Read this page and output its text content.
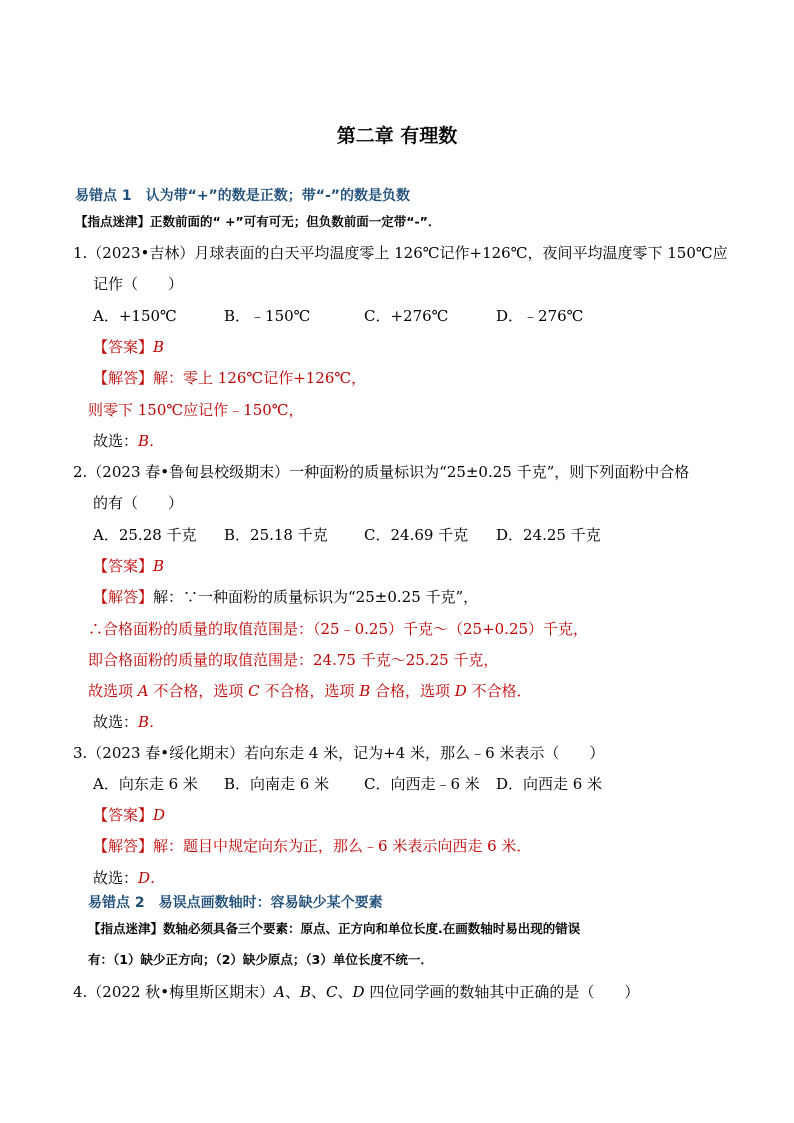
第二章 有理数
易错点 1　认为带“+”的数是正数；带“-”的数是负数
【指点迷津】正数前面的“ +”可有可无；但负数前面一定带“-”．
1.（2023•吉林）月球表面的白天平均温度零上 126℃记作+126℃，夜间平均温度零下 150℃应
记作（　　）
A．+150℃	B．﹣150℃	C．+276℃	D．﹣276℃
【答案】B
【解答】解：零上 126℃记作+126℃，
则零下 150℃应记作﹣150℃，
故选：B．
2.（2023 春•鲁甸县校级期末）一种面粉的质量标识为“25±0.25 千克”，则下列面粉中合格
的有（　　）
A．25.28 千克 B．25.18 千克 C．24.69 千克 D．24.25 千克
【答案】B
【解答】解：∵一种面粉的质量标识为“25±0.25 千克”，
∴合格面粉的质量的取值范围是：（25﹣0.25）千克～（25+0.25）千克，
即合格面粉的质量的取值范围是：24.75 千克～25.25 千克，
故选项 A 不合格，选项 C 不合格，选项 B 合格，选项 D 不合格．
故选：B．
3.（2023 春•绥化期末）若向东走 4 米，记为+4 米，那么﹣6 米表示（　　）
A．向东走 6 米 B．向南走 6 米 C．向西走﹣6 米 D．向西走 6 米
【答案】D
【解答】解：题目中规定向东为正，那么﹣6 米表示向西走 6 米．
故选：D．
易错点 2　易误点画数轴时：容易缺少某个要素
【指点迷津】数轴必须具备三个要素：原点、正方向和单位长度.在画数轴时易出现的错误
有：（1）缺少正方向；（2）缺少原点；（3）单位长度不统一．
4.（2022 秋•梅里斯区期末）A、B、C、D 四位同学画的数轴其中正确的是（　　）
